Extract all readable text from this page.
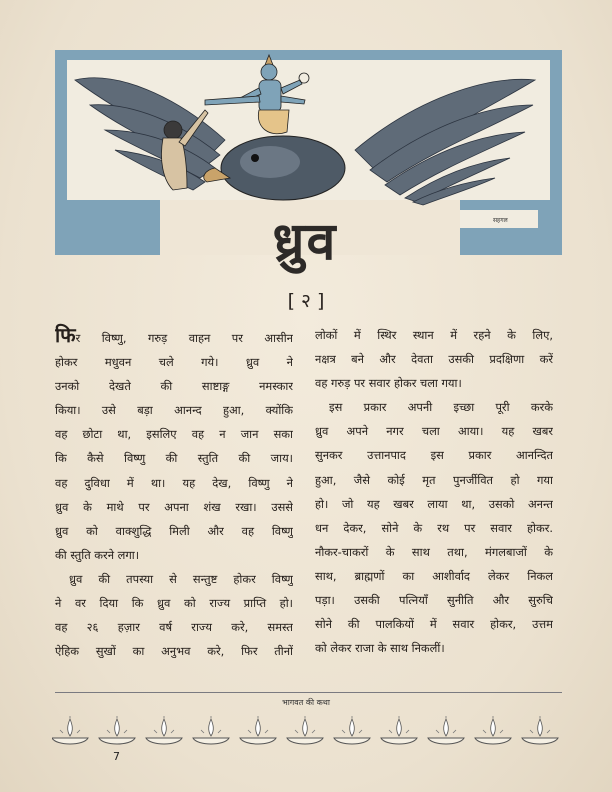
सहगल
ध्रुव
[ २ ]
फिर विष्णु, गरुड़ वाहन पर आसीन
होकर मधुवन चले गये। ध्रुव ने
उनको देखते की साष्टाङ्ग नमस्कार
किया। उसे बड़ा आनन्द हुआ, क्योंकि
वह छोटा था, इसलिए वह न जान सका
कि कैसे विष्णु की स्तुति की जाय।
वह दुविधा में था। यह देख, विष्णु ने
ध्रुव के माथे पर अपना शंख रखा। उससे
ध्रुव को वाक्शुद्धि मिली और वह विष्णु
की स्तुति करने लगा।
ध्रुव की तपस्या से सन्तुष्ट होकर विष्णु
ने वर दिया कि ध्रुव को राज्य प्राप्ति हो।
वह २६ हज़ार वर्ष राज्य करे, समस्त
ऐहिक सुखों का अनुभव करे, फिर तीनों
लोकों में स्थिर स्थान में रहने के लिए,
नक्षत्र बने और देवता उसकी प्रदक्षिणा करें
वह गरुड़ पर सवार होकर चला गया।
इस प्रकार अपनी इच्छा पूरी करके
ध्रुव अपने नगर चला आया। यह खबर
सुनकर उत्तानपाद इस प्रकार आनन्दित
हुआ, जैसे कोई मृत पुनर्जीवित हो गया
हो। जो यह खबर लाया था, उसको अनन्त
धन देकर, सोने के रथ पर सवार होकर.
नौकर-चाकरों के साथ तथा, मंगलबाजों के
साथ, ब्राह्मणों का आशीर्वाद लेकर निकल
पड़ा। उसकी पत्नियाँ सुनीति और सुरुचि
सोने की पालकियों में सवार होकर, उत्तम
को लेकर राजा के साथ निकलीं।
भागवत की कथा
7
